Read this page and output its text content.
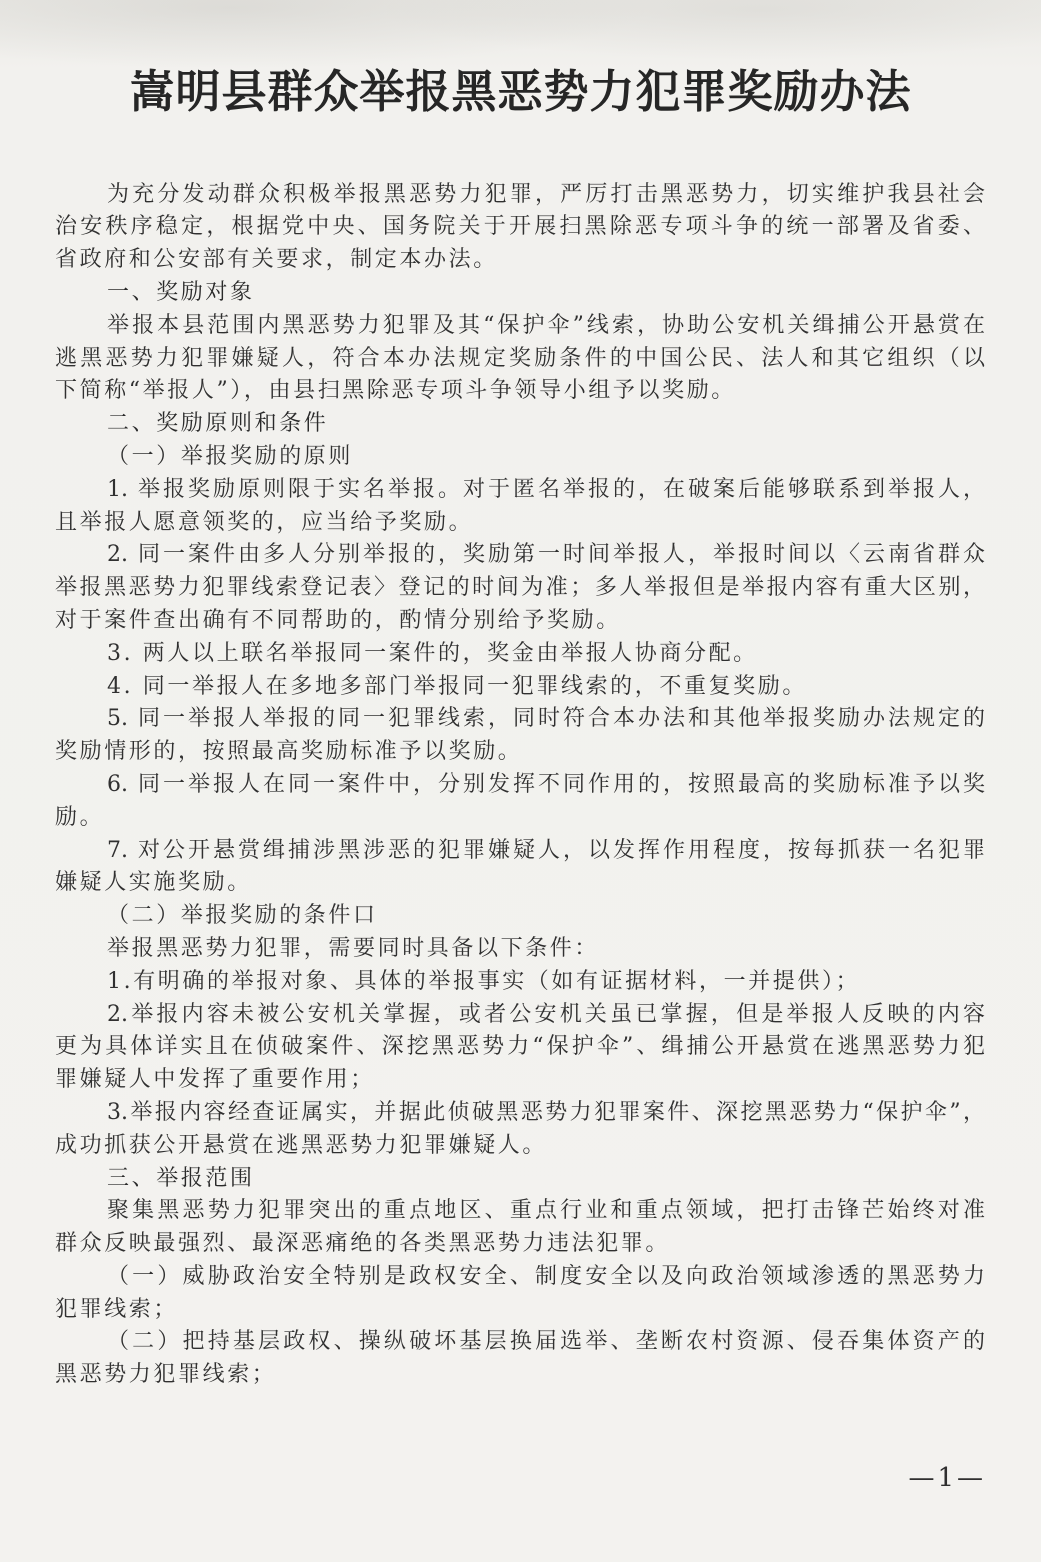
嵩明县群众举报黑恶势力犯罪奖励办法
为充分发动群众积极举报黑恶势力犯罪，严厉打击黑恶势力，切实维护我县社会
治安秩序稳定，根据党中央、国务院关于开展扫黑除恶专项斗争的统一部署及省委、
省政府和公安部有关要求，制定本办法。
一、奖励对象
举报本县范围内黑恶势力犯罪及其“保护伞”线索，协助公安机关缉捕公开悬赏在
逃黑恶势力犯罪嫌疑人，符合本办法规定奖励条件的中国公民、法人和其它组织（以
下简称“举报人”），由县扫黑除恶专项斗争领导小组予以奖励。
二、奖励原则和条件
（一）举报奖励的原则
1. 举报奖励原则限于实名举报。对于匿名举报的，在破案后能够联系到举报人，
且举报人愿意领奖的，应当给予奖励。
2. 同一案件由多人分别举报的，奖励第一时间举报人，举报时间以〈云南省群众
举报黑恶势力犯罪线索登记表〉登记的时间为准；多人举报但是举报内容有重大区别，
对于案件查出确有不同帮助的，酌情分别给予奖励。
3. 两人以上联名举报同一案件的，奖金由举报人协商分配。
4. 同一举报人在多地多部门举报同一犯罪线索的，不重复奖励。
5. 同一举报人举报的同一犯罪线索，同时符合本办法和其他举报奖励办法规定的
奖励情形的，按照最高奖励标准予以奖励。
6. 同一举报人在同一案件中，分别发挥不同作用的，按照最高的奖励标准予以奖
励。
7. 对公开悬赏缉捕涉黑涉恶的犯罪嫌疑人，以发挥作用程度，按每抓获一名犯罪
嫌疑人实施奖励。
（二）举报奖励的条件口
举报黑恶势力犯罪，需要同时具备以下条件：
1.有明确的举报对象、具体的举报事实（如有证据材料，一并提供）；
2.举报内容未被公安机关掌握，或者公安机关虽已掌握，但是举报人反映的内容
更为具体详实且在侦破案件、深挖黑恶势力“保护伞”、缉捕公开悬赏在逃黑恶势力犯
罪嫌疑人中发挥了重要作用；
3.举报内容经查证属实，并据此侦破黑恶势力犯罪案件、深挖黑恶势力“保护伞”，
成功抓获公开悬赏在逃黑恶势力犯罪嫌疑人。
三、举报范围
聚集黑恶势力犯罪突出的重点地区、重点行业和重点领域，把打击锋芒始终对准
群众反映最强烈、最深恶痛绝的各类黑恶势力违法犯罪。
（一）威胁政治安全特别是政权安全、制度安全以及向政治领域渗透的黑恶势力
犯罪线索；
（二）把持基层政权、操纵破坏基层换届选举、垄断农村资源、侵吞集体资产的
黑恶势力犯罪线索；
—1—
